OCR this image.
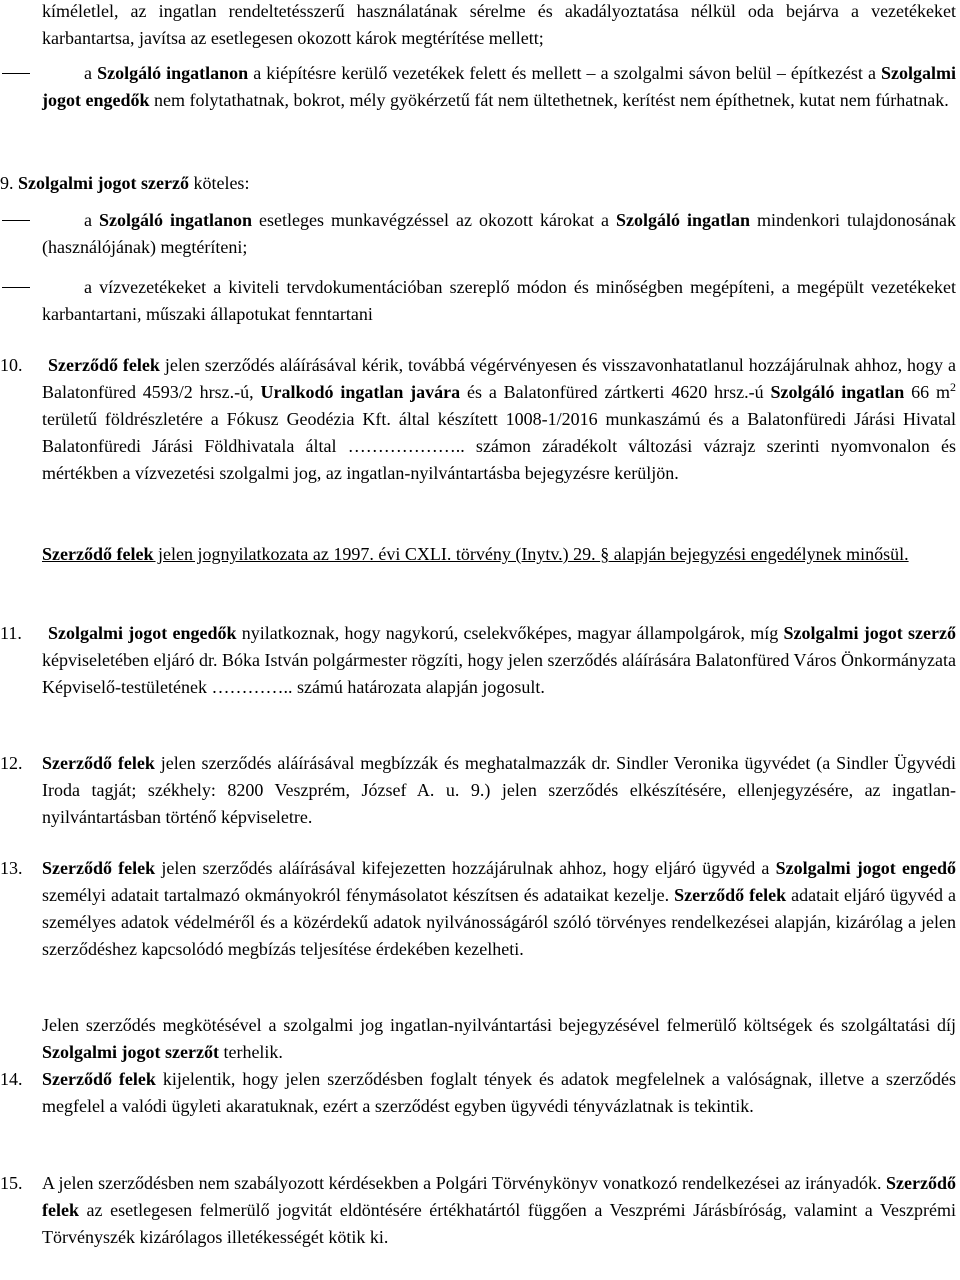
kíméletlel, az ingatlan rendeltetésszerű használatának sérelme és akadályoztatása nélkül oda bejárva a vezetékeket karbantartsa, javítsa az esetlegesen okozott károk megtérítése mellett;
a Szolgáló ingatlanon a kiépítésre kerülő vezetékek felett és mellett – a szolgalmi sávon belül – építkezést a Szolgalmi jogot engedők nem folytathatnak, bokrot, mély gyökérzetű fát nem ültethetnek, kerítést nem építhetnek, kutat nem fúrhatnak.
9. Szolgalmi jogot szerző köteles:
a Szolgáló ingatlanon esetleges munkavégzéssel az okozott károkat a Szolgáló ingatlan mindenkori tulajdonosának (használójának) megtéríteni;
a vízvezetékeket a kiviteli tervdokumentációban szereplő módon és minőségben megépíteni, a megépült vezetékeket karbantartani, műszaki állapotukat fenntartani
10.	Szerződő felek jelen szerződés aláírásával kérik, továbbá végérvényesen és visszavonhatatlanul hozzájárulnak ahhoz, hogy a Balatonfüred 4593/2 hrsz.-ú, Uralkodó ingatlan javára és a Balatonfüred zártkerti 4620 hrsz.-ú Szolgáló ingatlan 66 $m^2$ területű földrészletére a Fókusz Geodézia Kft. által készített 1008-1/2016 munkaszámú és a Balatonfüredi Járási Hivatal Balatonfüredi Járási Földhivatala által ……………….. számon záradékolt változási vázrajz szerinti nyomvonalon és mértékben a vízvezetési szolgalmi jog, az ingatlan-nyilvántartásba bejegyzésre kerüljön.
Szerződő felek jelen jognyilatkozata az 1997. évi CXLI. törvény (Inytv.) 29. § alapján bejegyzési engedélynek minősül.
11.	Szolgalmi jogot engedők nyilatkoznak, hogy nagykorú, cselekvőképes, magyar állampolgárok, míg Szolgalmi jogot szerző képviseletében eljáró dr. Bóka István polgármester rögzíti, hogy jelen szerződés aláírására Balatonfüred Város Önkormányzata Képviselő-testületének ………….. számú határozata alapján jogosult.
12. Szerződő felek jelen szerződés aláírásával megbízzák és meghatalmazzák dr. Sindler Veronika ügyvédet (a Sindler Ügyvédi Iroda tagját; székhely: 8200 Veszprém, József A. u. 9.) jelen szerződés elkészítésére, ellenjegyzésére, az ingatlan-nyilvántartásban történő képviseletre.
13. Szerződő felek jelen szerződés aláírásával kifejezetten hozzájárulnak ahhoz, hogy eljáró ügyvéd a Szolgalmi jogot engedő személyi adatait tartalmazó okmányokról fénymásolatot készítsen és adataikat kezelje. Szerződő felek adatait eljáró ügyvéd a személyes adatok védelméről és a közérdekű adatok nyilvánosságáról szóló törvényes rendelkezései alapján, kizárólag a jelen szerződéshez kapcsolódó megbízás teljesítése érdekében kezelheti.
Jelen szerződés megkötésével a szolgalmi jog ingatlan-nyilvántartási bejegyzésével felmerülő költségek és szolgáltatási díj Szolgalmi jogot szerzőt terhelik.
14. Szerződő felek kijelentik, hogy jelen szerződésben foglalt tények és adatok megfelelnek a valóságnak, illetve a szerződés megfelel a valódi ügyleti akaratuknak, ezért a szerződést egyben ügyvédi tényvázlatnak is tekintik.
15. A jelen szerződésben nem szabályozott kérdésekben a Polgári Törvénykönyv vonatkozó rendelkezései az irányadók. Szerződő felek az esetlegesen felmerülő jogvitát eldöntésére értékhatártól függően a Veszprémi Járásbíróság, valamint a Veszprémi Törvényszék kizárólagos illetékességét kötik ki.
